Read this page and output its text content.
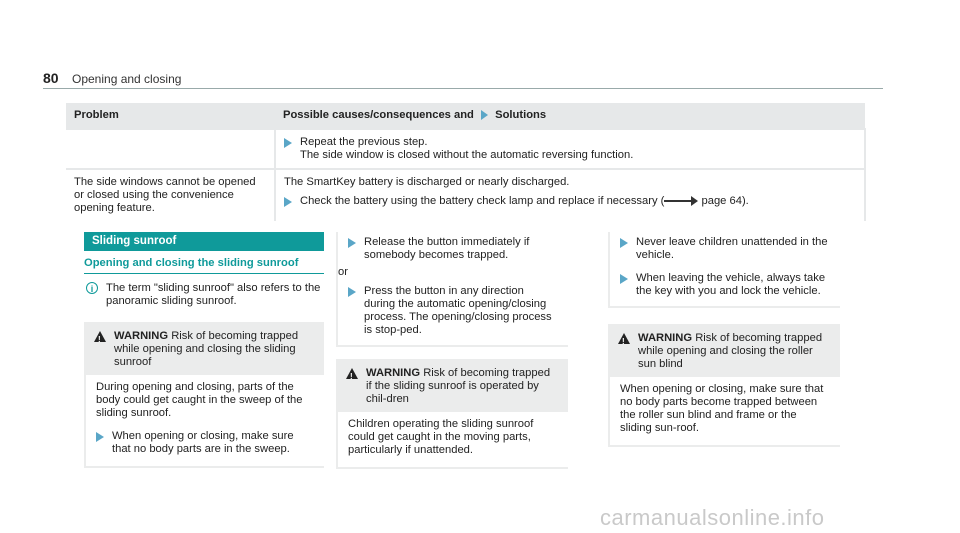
80 Opening and closing
Problem	Possible causes/consequences and Solutions

	Repeat the previous step.
The side window is closed without the automatic reversing function.

The side windows cannot be opened or closed using the convenience opening feature.	The SmartKey battery is discharged or nearly discharged.
Check the battery using the battery check lamp and replace if necessary ( page 64).
Sliding sunroof
Opening and closing the sliding sunroof
i	The term "sliding sunroof" also refers to the panoramic sliding sunroof.
! WARNING Risk of becoming trapped while opening and closing the sliding sunroof
During opening and closing, parts of the body could get caught in the sweep of the sliding sunroof.
When opening or closing, make sure that no body parts are in the sweep.
Release the button immediately if somebody becomes trapped.
or
Press the button in any direction during the automatic opening/closing process. The opening/closing process is stop-ped.
! WARNING Risk of becoming trapped if the sliding sunroof is operated by chil-dren
Children operating the sliding sunroof could get caught in the moving parts, particularly if unattended.
Never leave children unattended in the vehicle.
When leaving the vehicle, always take the key with you and lock the vehicle.
! WARNING Risk of becoming trapped while opening and closing the roller sun blind
When opening or closing, make sure that no body parts become trapped between the roller sun blind and frame or the sliding sun-roof.
carmanualsonline.info
